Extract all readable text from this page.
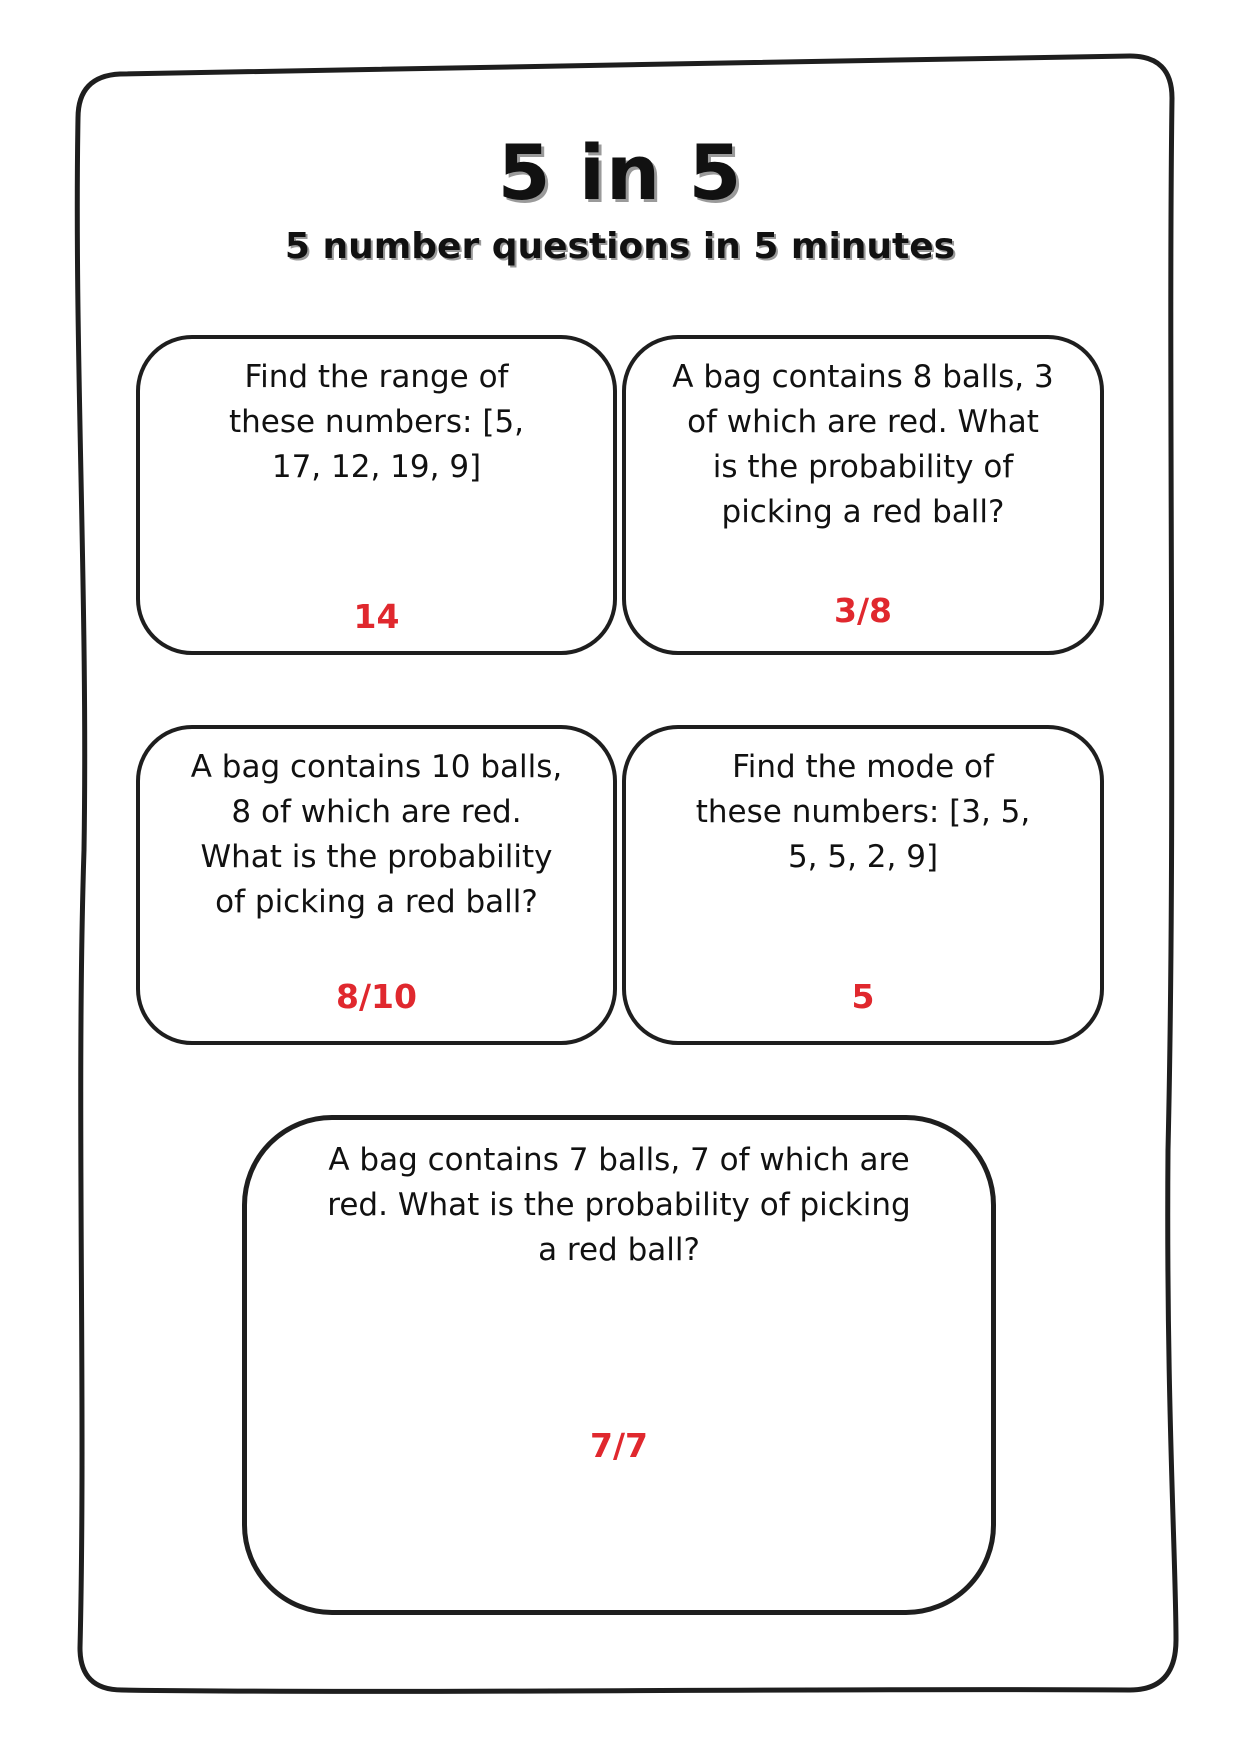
5 in 5
5 number questions in 5 minutes
Find the range of these numbers: [5, 17, 12, 19, 9]
14
A bag contains 8 balls, 3 of which are red. What is the probability of picking a red ball?
3/8
A bag contains 10 balls, 8 of which are red. What is the probability of picking a red ball?
8/10
Find the mode of these numbers: [3, 5, 5, 5, 2, 9]
5
A bag contains 7 balls, 7 of which are red. What is the probability of picking a red ball?
7/7
